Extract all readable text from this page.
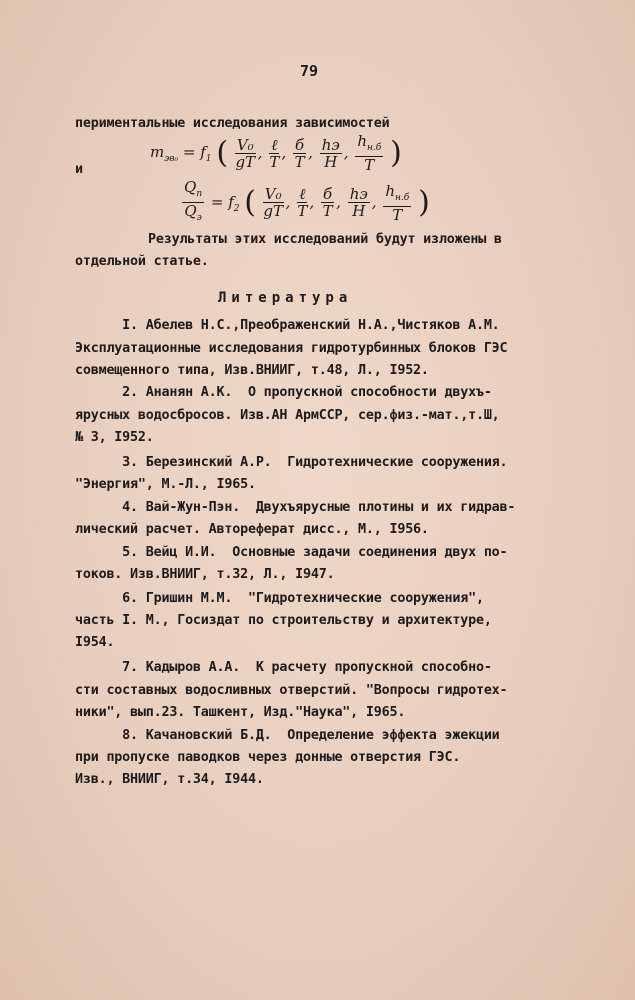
79
периментальные исследования зависимостей
и
$m_{эв_0} = f_1$ ( $\frac{\text{V₀}}{gT}$ , $\frac{\text{ℓ}}{T}$ , $\frac{б}{T}$ , $\frac{hэ}{H}$ , $\frac{h_{н.б}}{T}$ )
$\frac{Q_п}{Q_э} = f_2$ ( $\frac{\text{V₀}}{gT}$ , $\frac{\text{ℓ}}{T}$ , $\frac{б}{T}$ , $\frac{hэ}{H}$ , $\frac{h_{н.б}}{T}$ )
Результаты этих исследований будут изложены в
отдельной статье.
Литература
I. Абелев Н.С.,Преображенский Н.А.,Чистяков А.М.
Эксплуатационные исследования гидротурбинных блоков ГЭС
совмещенного типа, Изв.ВНИИГ, т.48, Л., I952.
2. Ананян А.К.  О пропускной способности двухъ-
ярусных водосбросов. Изв.АН АрмССР, сер.физ.-мат.,т.Ш,
№ 3, I952.
3. Березинский А.Р.  Гидротехнические сооружения.
"Энергия", М.-Л., I965.
4. Вай-Жун-Пэн.  Двухъярусные плотины и их гидрав-
лический расчет. Автореферат дисс., М., I956.
5. Вейц И.И.  Основные задачи соединения двух по-
токов. Изв.ВНИИГ, т.32, Л., I947.
6. Гришин М.М.  "Гидротехнические сооружения",
часть I. М., Госиздат по строительству и архитектуре,
I954.
7. Кадыров А.А.  К расчету пропускной способно-
сти составных водосливных отверстий. "Вопросы гидротех-
ники", вып.23. Ташкент, Изд."Наука", I965.
8. Качановский Б.Д.  Определение эффекта эжекции
при пропуске паводков через донные отверстия ГЭС.
Изв., ВНИИГ, т.34, I944.
